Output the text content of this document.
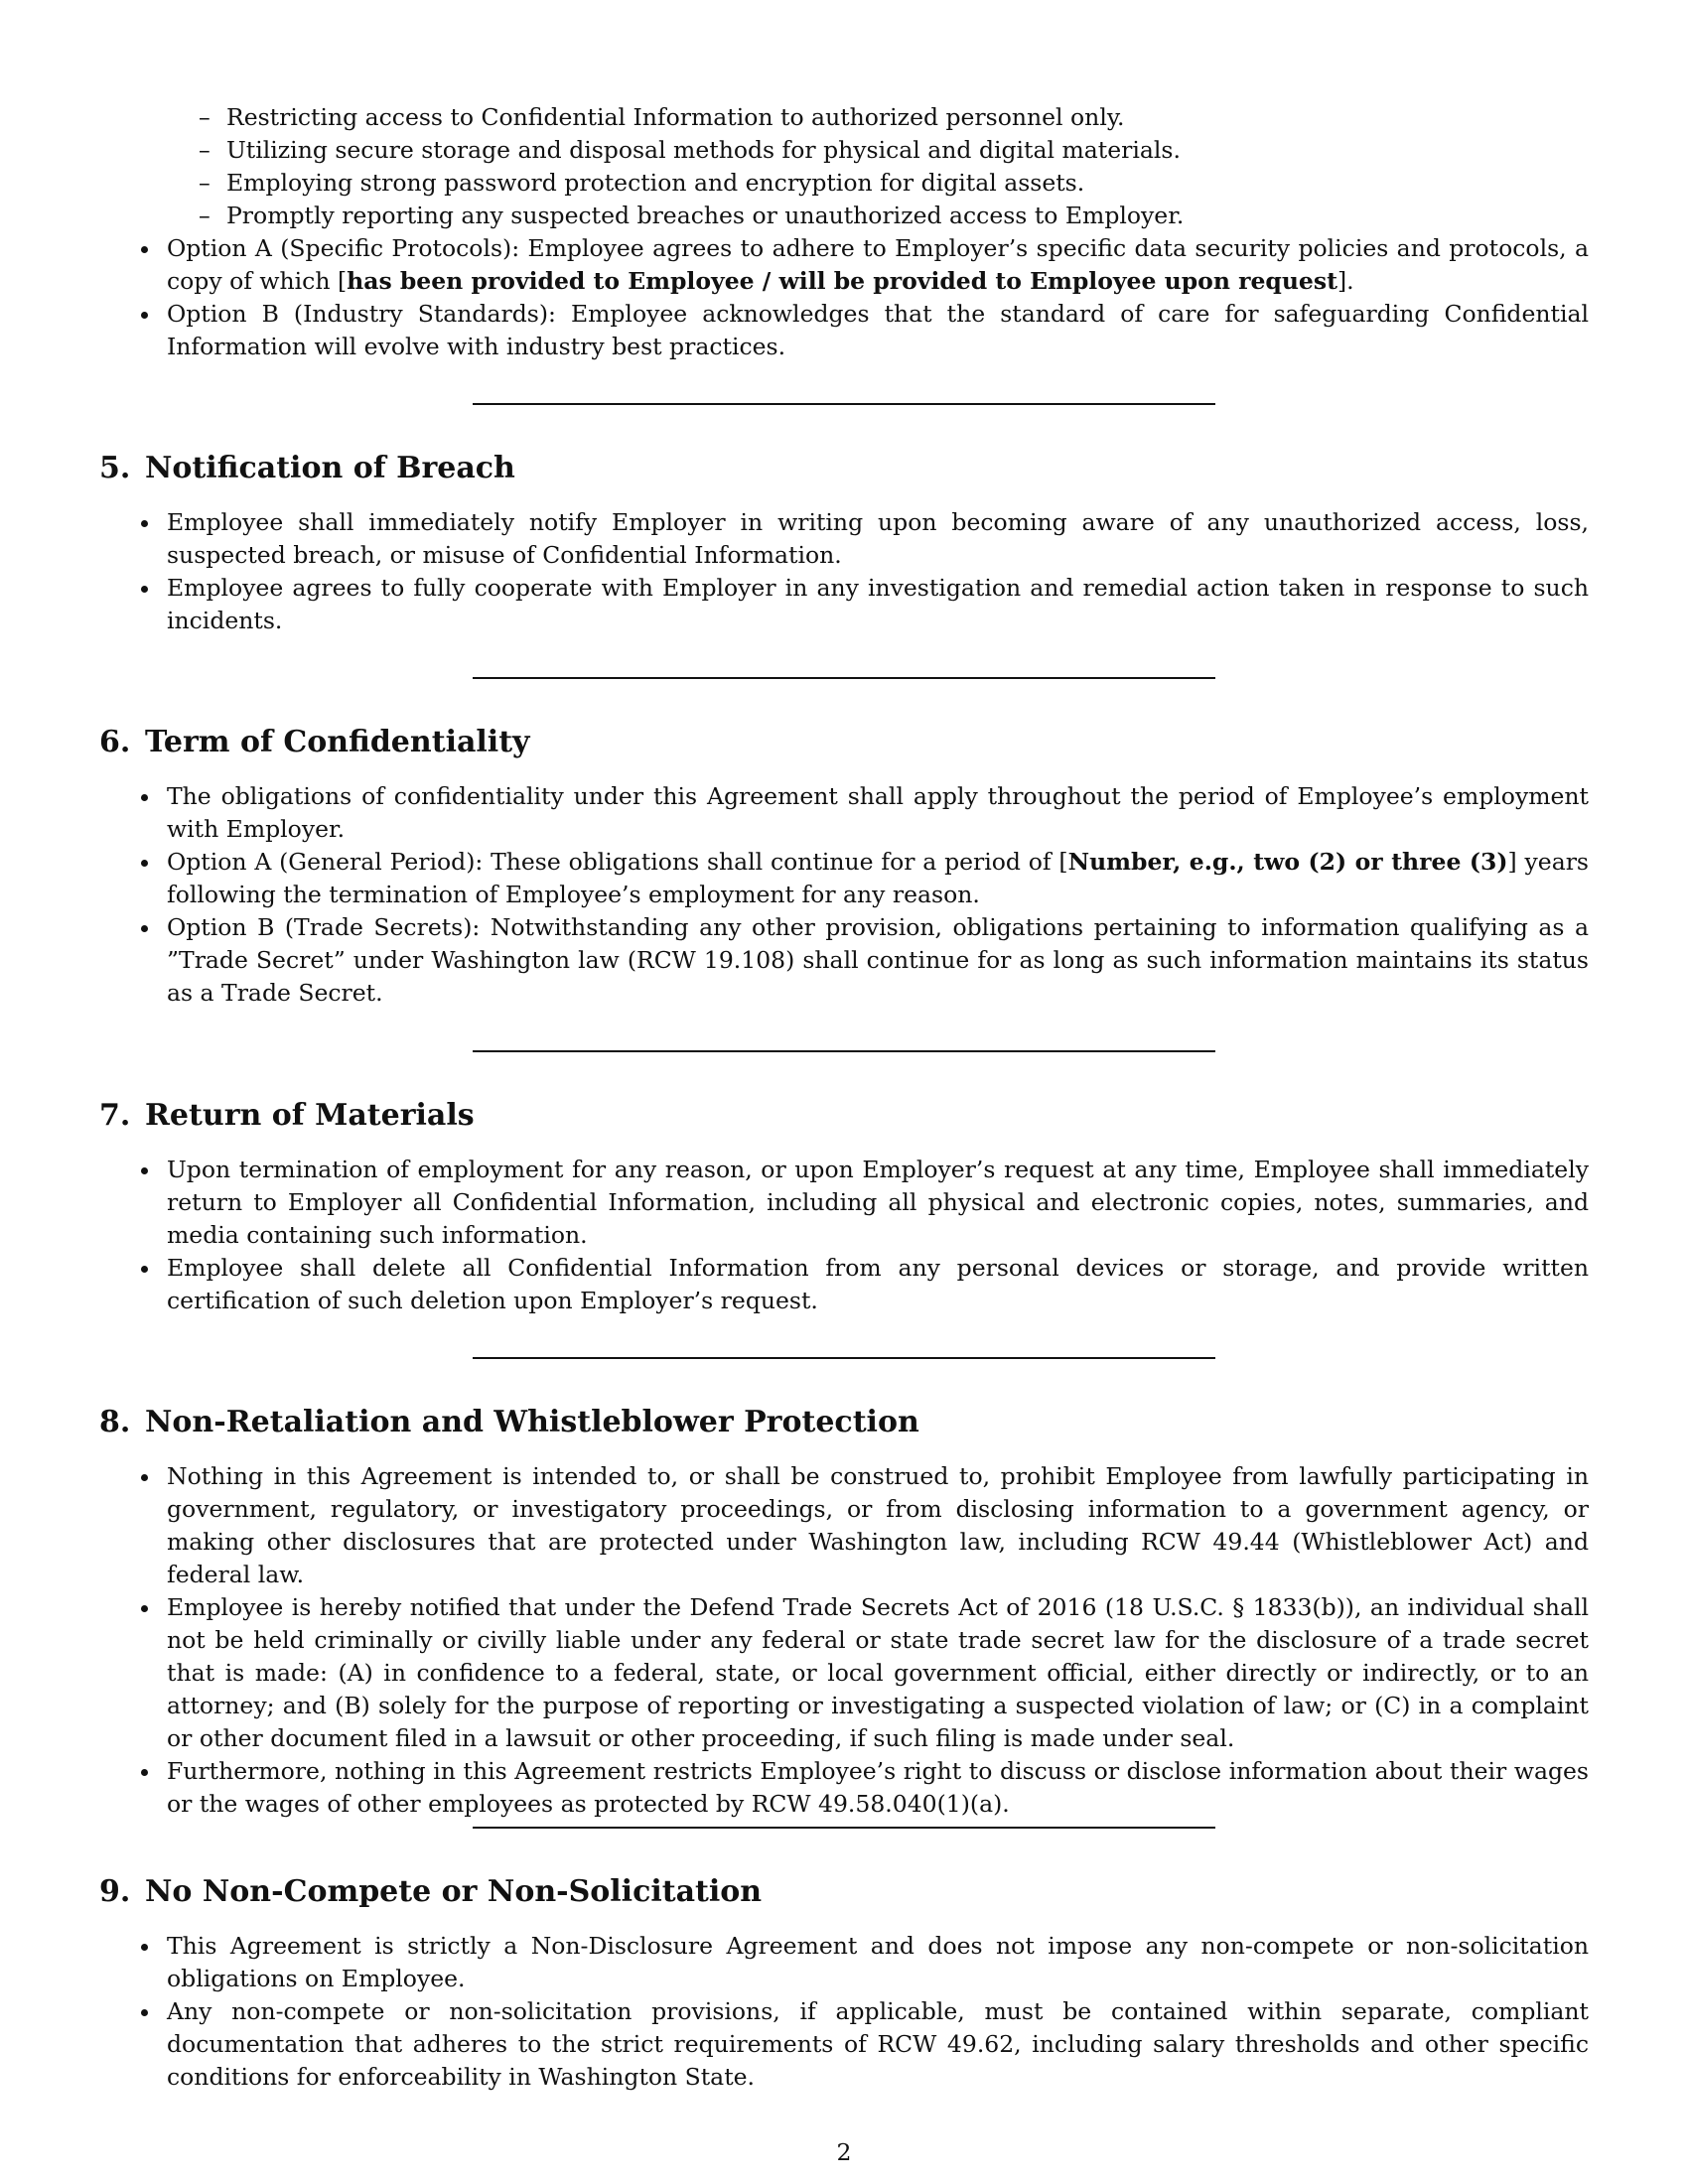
– Restricting access to Confidential Information to authorized personnel only.
– Utilizing secure storage and disposal methods for physical and digital materials.
– Employing strong password protection and encryption for digital assets.
– Promptly reporting any suspected breaches or unauthorized access to Employer.
Option A (Specific Protocols): Employee agrees to adhere to Employer’s specific data security policies and protocols, a copy of which [has been provided to Employee / will be provided to Employee upon request].
Option B (Industry Standards): Employee acknowledges that the standard of care for safeguarding Confidential Information will evolve with industry best practices.
5. Notification of Breach
Employee shall immediately notify Employer in writing upon becoming aware of any unauthorized access, loss, suspected breach, or misuse of Confidential Information.
Employee agrees to fully cooperate with Employer in any investigation and remedial action taken in response to such incidents.
6. Term of Confidentiality
The obligations of confidentiality under this Agreement shall apply throughout the period of Employee’s employment with Employer.
Option A (General Period): These obligations shall continue for a period of [Number, e.g., two (2) or three (3)] years following the termination of Employee’s employment for any reason.
Option B (Trade Secrets): Notwithstanding any other provision, obligations pertaining to information qualifying as a ”Trade Secret” under Washington law (RCW 19.108) shall continue for as long as such information maintains its status as a Trade Secret.
7. Return of Materials
Upon termination of employment for any reason, or upon Employer’s request at any time, Employee shall immediately return to Employer all Confidential Information, including all physical and electronic copies, notes, summaries, and media containing such information.
Employee shall delete all Confidential Information from any personal devices or storage, and provide written certification of such deletion upon Employer’s request.
8. Non-Retaliation and Whistleblower Protection
Nothing in this Agreement is intended to, or shall be construed to, prohibit Employee from lawfully participating in government, regulatory, or investigatory proceedings, or from disclosing information to a government agency, or making other disclosures that are protected under Washington law, including RCW 49.44 (Whistleblower Act) and federal law.
Employee is hereby notified that under the Defend Trade Secrets Act of 2016 (18 U.S.C. § 1833(b)), an individual shall not be held criminally or civilly liable under any federal or state trade secret law for the disclosure of a trade secret that is made: (A) in confidence to a federal, state, or local government official, either directly or indirectly, or to an attorney; and (B) solely for the purpose of reporting or investigating a suspected violation of law; or (C) in a complaint or other document filed in a lawsuit or other proceeding, if such filing is made under seal.
Furthermore, nothing in this Agreement restricts Employee’s right to discuss or disclose information about their wages or the wages of other employees as protected by RCW 49.58.040(1)(a).
9. No Non-Compete or Non-Solicitation
This Agreement is strictly a Non-Disclosure Agreement and does not impose any non-compete or non-solicitation obligations on Employee.
Any non-compete or non-solicitation provisions, if applicable, must be contained within separate, compliant documentation that adheres to the strict requirements of RCW 49.62, including salary thresholds and other specific conditions for enforceability in Washington State.
2
